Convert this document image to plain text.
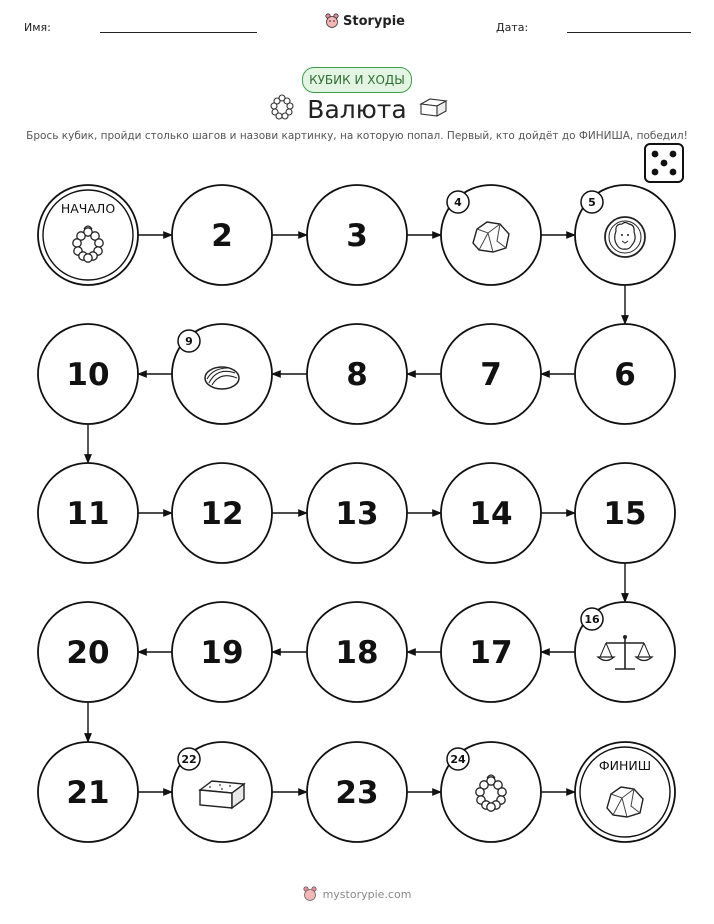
Имя:	Storypie	Дата:
КУБИК И ХОДЫ
Валюта
Брось кубик, пройди столько шагов и назови картинку, на которую попал. Первый, кто дойдёт до ФИНИША, победил!
НАЧАЛО
2	3
4	5
6
7
8
9
10
11	12	13	14	15
16
17
18
19
20
21
22
23
24	ФИНИШ
mystorypie.com
